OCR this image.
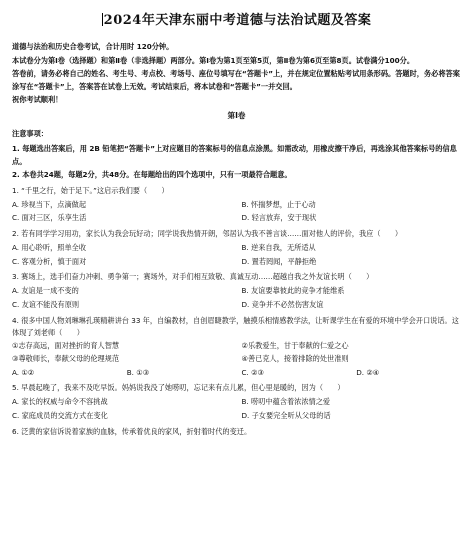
2024年天津东丽中考道德与法治试题及答案

道德与法治和历史合卷考试，合计用时 120分钟。

本试卷分为第Ⅰ卷（选择题）和第Ⅱ卷（非选择题）两部分。第Ⅰ卷为第1页至第5页，第Ⅱ卷为第6页至第8页。试卷满分100分。

答卷前，请务必将自己的姓名、考生号、考点校、考场号、座位号填写在“答题卡”上，并在规定位置粘贴考试用条形码。答题时，务必将答案涂写在“答题卡”上，答案答在试卷上无效。考试结束后，将本试卷和“答题卡”一并交回。

祝你考试顺利！

第Ⅰ卷

注意事项：

1. 每题选出答案后，用 2B 铅笔把“答题卡”上对应题目的答案标号的信息点涂黑。如需改动，用橡皮擦干净后，再选涂其他答案标号的信息点。

2. 本卷共24题，每题2分，共48分。在每题给出的四个选项中，只有一项最符合题意。

1. “千里之行，始于足下。”这启示我们要（　　）
A. 珍视当下，点滴做起	B. 怀揣梦想，止于心动
C. 面对三区，乐享生活	D. 轻言放弃，安于现状
2. 若有同学学习用功，家长认为我会玩好动；同学说我热情开朗，邻居认为我不善言谈……面对他人的评价，我应（　　）
A. 用心聆听，照单全收	B. 逆来自我，无所适从
C. 客观分析，慎于面对	D. 置若罔闻，平静拒绝
3. 赛场上，选手们奋力冲刺、勇争第一；赛场外，对手们相互致敬、真诚互动……超越自我之外友谊长明（　　）
A. 友谊是一成不变的	B. 友谊要靠彼此的竞争才能维系
C. 友谊不能没有原则	D. 竞争并不必然伤害友谊
4. 很多中国人物刘琳琳孔瑛精耕讲台 33 年，自编教材，自创眉睫教学，触摸乐相情感教学法，让听课学生在有爱的环境中学会开口说话。这体现了刘老师（　　）
①志存高远，面对挫折的育人智慧	②乐教爱生，甘于奉献的仁爱之心
③尊敬师长，奉献父母的伦理规范	④善已克人，接着排除的处世准则
A. ①②	B. ①③	C. ②③	D. ②④
5. 早晨起晚了，我来不及吃早饭。妈妈说我没了她唠叨，忘记来有点儿累，但心里是暖的，因为（　　）
A. 家长的权威与命令不容挑战	B. 唠叨中蕴含着浓浓情之爱
C. 家庭成员的交流方式在变化	D. 子女要完全听从父母的话
6. 泛黄的家信诉说着家族的血脉，传承着优良的家风，折射着时代的变迁。
